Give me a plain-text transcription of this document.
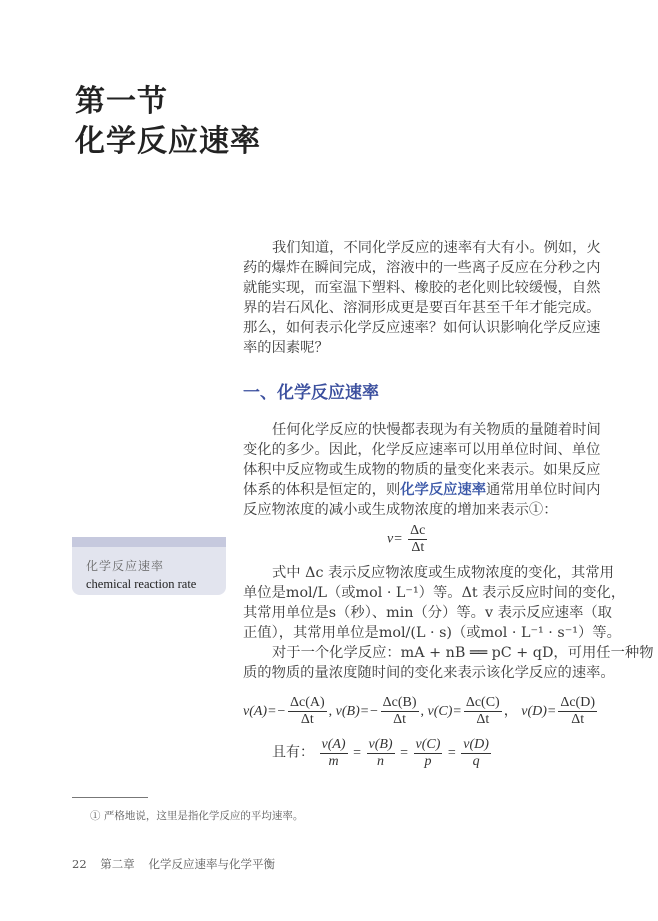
第一节
化学反应速率
我们知道，不同化学反应的速率有大有小。例如，火
药的爆炸在瞬间完成，溶液中的一些离子反应在分秒之内
就能实现，而室温下塑料、橡胶的老化则比较缓慢，自然
界的岩石风化、溶洞形成更是要百年甚至千年才能完成。
那么，如何表示化学反应速率？如何认识影响化学反应速
率的因素呢？
一、化学反应速率
任何化学反应的快慢都表现为有关物质的量随着时间
变化的多少。因此，化学反应速率可以用单位时间、单位
体积中反应物或生成物的物质的量变化来表示。如果反应
体系的体积是恒定的，则化学反应速率通常用单位时间内
反应物浓度的减小或生成物浓度的增加来表示①：
$v= \frac{\Delta c}{\Delta t}$
化学反应速率
chemical reaction rate
式中 Δc 表示反应物浓度或生成物浓度的变化，其常用
单位是mol/L（或mol · L⁻¹）等。Δt 表示反应时间的变化，
其常用单位是s（秒）、min（分）等。v 表示反应速率（取
正值），其常用单位是mol/(L · s)（或mol · L⁻¹ · s⁻¹）等。
对于一个化学反应：mA + nB ══ pC + qD，可用任一种物
质的物质的量浓度随时间的变化来表示该化学反应的速率。
$v(A)=- \frac{\Delta c(A)}{\Delta t}$ , $v(B)=- \frac{\Delta c(B)}{\Delta t}$ , $v(C)= \frac{\Delta c(C)}{\Delta t}$ ， $v(D)= \frac{\Delta c(D)}{\Delta t}$
且有： $\frac{v(A)}{m} = \frac{v(B)}{n} = \frac{v(C)}{p} = \frac{v(D)}{q}$
① 严格地说，这里是指化学反应的平均速率。
22 第二章 化学反应速率与化学平衡
